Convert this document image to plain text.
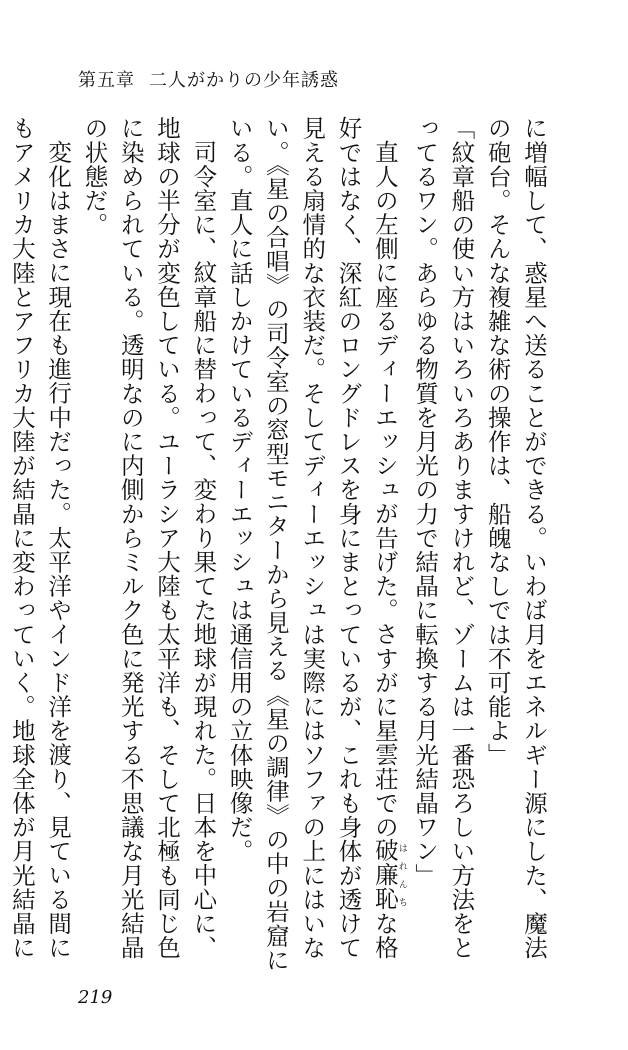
第五章 二人がかりの少年誘惑

に増幅して、惑星へ送ることができる。いわば月をエネルギー源にした、魔法の砲台。そんな複雑な術の操作は、船魄なしでは不可能よ」

「紋章船の使い方はいろいろありますけれど、ゾームは一番恐ろしい方法をとってるワン。あらゆる物質を月光の力で結晶に転換する月光結晶ワン」

直人の左側に座るディーエッシュが告げた。さすがに星雲荘での破廉恥はれんちな格好ではなく、深紅のロングドレスを身にまとっているが、これも身体が透けて見える扇情的な衣装だ。そしてディーエッシュは実際にはソファの上にはいない。《星の合唱》の司令室の窓型モニターから見える《星の調律》の中の岩窟にいる。直人に話しかけているディーエッシュは通信用の立体映像だ。

司令室に、紋章船に替わって、変わり果てた地球が現れた。日本を中心に、地球の半分が変色している。ユーラシア大陸も太平洋も、そして北極も同じ色に染められている。透明なのに内側からミルク色に発光する不思議な月光結晶の状態だ。

変化はまさに現在も進行中だった。太平洋やインド洋を渡り、見ている間にもアメリカ大陸とアフリカ大陸が結晶に変わっていく。地球全体が月光結晶に

219
